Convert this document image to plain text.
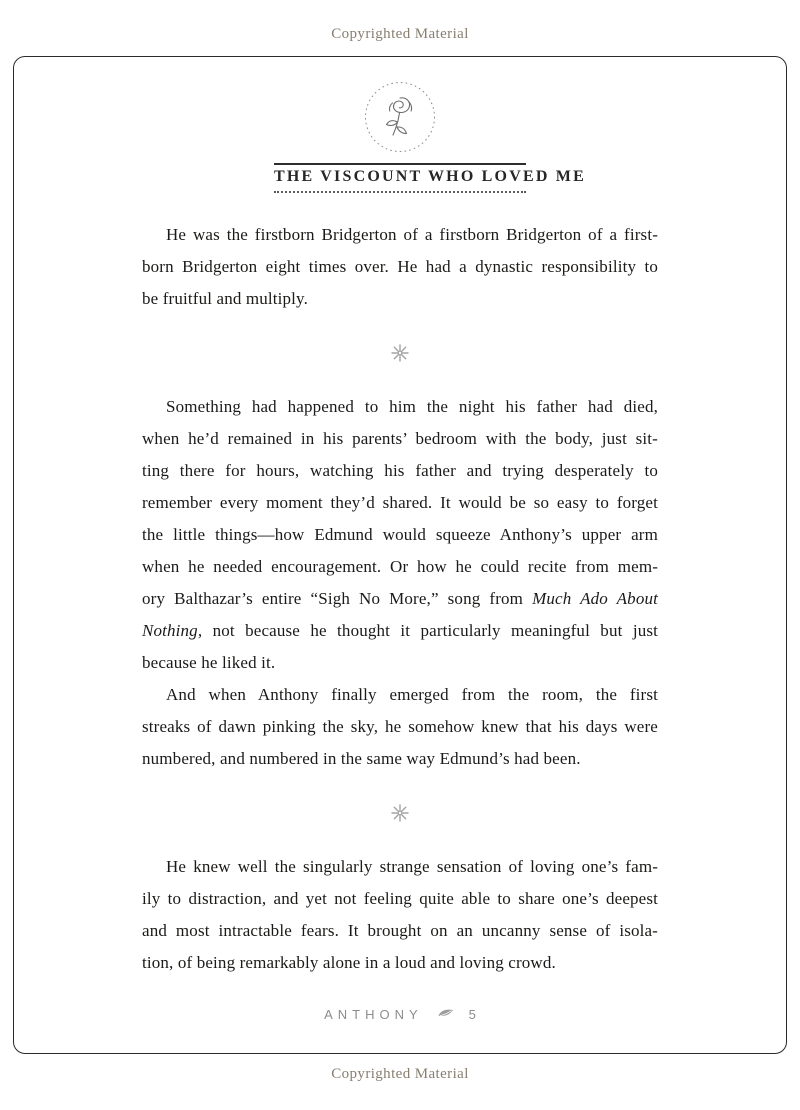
Copyrighted Material
THE VISCOUNT WHO LOVED ME
He was the firstborn Bridgerton of a firstborn Bridgerton of a first-
born Bridgerton eight times over. He had a dynastic responsibility to
be fruitful and multiply.
Something had happened to him the night his father had died,
when he’d remained in his parents’ bedroom with the body, just sit-
ting there for hours, watching his father and trying desperately to
remember every moment they’d shared. It would be so easy to forget
the little things—how Edmund would squeeze Anthony’s upper arm
when he needed encouragement. Or how he could recite from mem-
ory Balthazar’s entire “Sigh No More,” song from Much Ado About
Nothing, not because he thought it particularly meaningful but just
because he liked it.
And when Anthony finally emerged from the room, the first
streaks of dawn pinking the sky, he somehow knew that his days were
numbered, and numbered in the same way Edmund’s had been.
He knew well the singularly strange sensation of loving one’s fam-
ily to distraction, and yet not feeling quite able to share one’s deepest
and most intractable fears. It brought on an uncanny sense of isola-
tion, of being remarkably alone in a loud and loving crowd.
ANTHONY	5
Copyrighted Material
